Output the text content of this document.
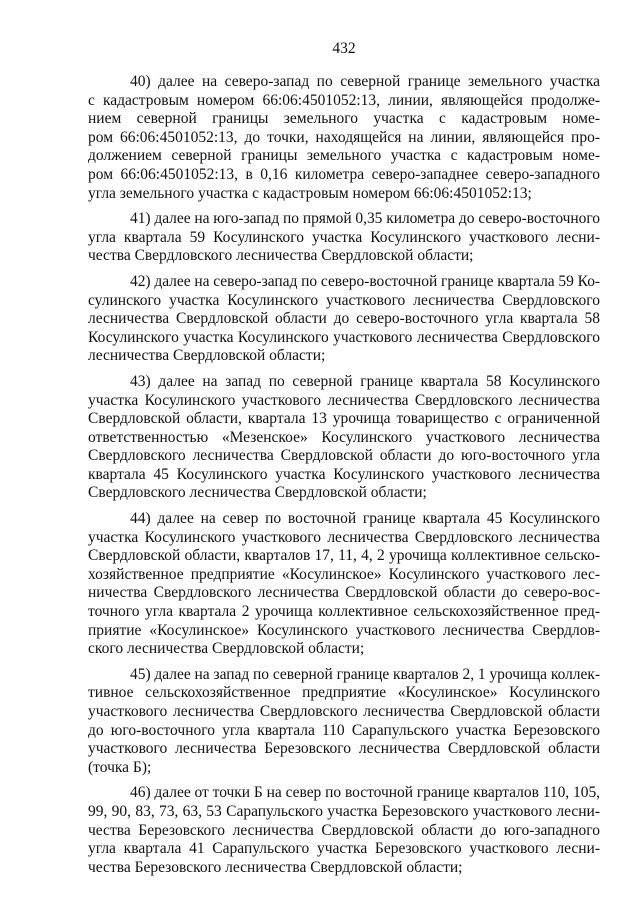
432
40) далее на северо-запад по северной границе земельного участка
с кадастровым номером 66:06:4501052:13, линии, являющейся продолже-
нием северной границы земельного участка с кадастровым номе-
ром 66:06:4501052:13, до точки, находящейся на линии, являющейся про-
должением северной границы земельного участка с кадастровым номе-
ром 66:06:4501052:13, в 0,16 километра северо-западнее северо-западного
угла земельного участка с кадастровым номером 66:06:4501052:13;
41) далее на юго-запад по прямой 0,35 километра до северо-восточного
угла квартала 59 Косулинского участка Косулинского участкового лесни-
чества Свердловского лесничества Свердловской области;
42) далее на северо-запад по северо-восточной границе квартала 59 Ко-
сулинского участка Косулинского участкового лесничества Свердловского
лесничества Свердловской области до северо-восточного угла квартала 58
Косулинского участка Косулинского участкового лесничества Свердловского
лесничества Свердловской области;
43) далее на запад по северной границе квартала 58 Косулинского
участка Косулинского участкового лесничества Свердловского лесничества
Свердловской области, квартала 13 урочища товарищество с ограниченной
ответственностью «Мезенское» Косулинского участкового лесничества
Свердловского лесничества Свердловской области до юго-восточного угла
квартала 45 Косулинского участка Косулинского участкового лесничества
Свердловского лесничества Свердловской области;
44) далее на север по восточной границе квартала 45 Косулинского
участка Косулинского участкового лесничества Свердловского лесничества
Свердловской области, кварталов 17, 11, 4, 2 урочища коллективное сельско-
хозяйственное предприятие «Косулинское» Косулинского участкового лес-
ничества Свердловского лесничества Свердловской области до северо-вос-
точного угла квартала 2 урочища коллективное сельскохозяйственное пред-
приятие «Косулинское» Косулинского участкового лесничества Свердлов-
ского лесничества Свердловской области;
45) далее на запад по северной границе кварталов 2, 1 урочища коллек-
тивное сельскохозяйственное предприятие «Косулинское» Косулинского
участкового лесничества Свердловского лесничества Свердловской области
до юго-восточного угла квартала 110 Сарапульского участка Березовского
участкового лесничества Березовского лесничества Свердловской области
(точка Б);
46) далее от точки Б на север по восточной границе кварталов 110, 105,
99, 90, 83, 73, 63, 53 Сарапульского участка Березовского участкового лесни-
чества Березовского лесничества Свердловской области до юго-западного
угла квартала 41 Сарапульского участка Березовского участкового лесни-
чества Березовского лесничества Свердловской области;
